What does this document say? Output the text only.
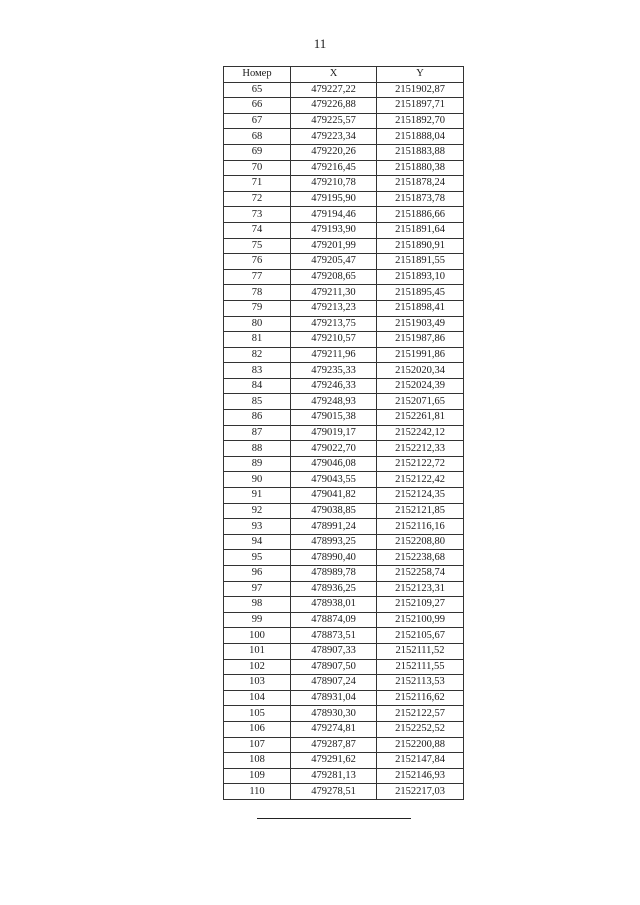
11
Номер	X	Y
65	479227,22	2151902,87
66	479226,88	2151897,71
67	479225,57	2151892,70
68	479223,34	2151888,04
69	479220,26	2151883,88
70	479216,45	2151880,38
71	479210,78	2151878,24
72	479195,90	2151873,78
73	479194,46	2151886,66
74	479193,90	2151891,64
75	479201,99	2151890,91
76	479205,47	2151891,55
77	479208,65	2151893,10
78	479211,30	2151895,45
79	479213,23	2151898,41
80	479213,75	2151903,49
81	479210,57	2151987,86
82	479211,96	2151991,86
83	479235,33	2152020,34
84	479246,33	2152024,39
85	479248,93	2152071,65
86	479015,38	2152261,81
87	479019,17	2152242,12
88	479022,70	2152212,33
89	479046,08	2152122,72
90	479043,55	2152122,42
91	479041,82	2152124,35
92	479038,85	2152121,85
93	478991,24	2152116,16
94	478993,25	2152208,80
95	478990,40	2152238,68
96	478989,78	2152258,74
97	478936,25	2152123,31
98	478938,01	2152109,27
99	478874,09	2152100,99
100	478873,51	2152105,67
101	478907,33	2152111,52
102	478907,50	2152111,55
103	478907,24	2152113,53
104	478931,04	2152116,62
105	478930,30	2152122,57
106	479274,81	2152252,52
107	479287,87	2152200,88
108	479291,62	2152147,84
109	479281,13	2152146,93
110	479278,51	2152217,03
